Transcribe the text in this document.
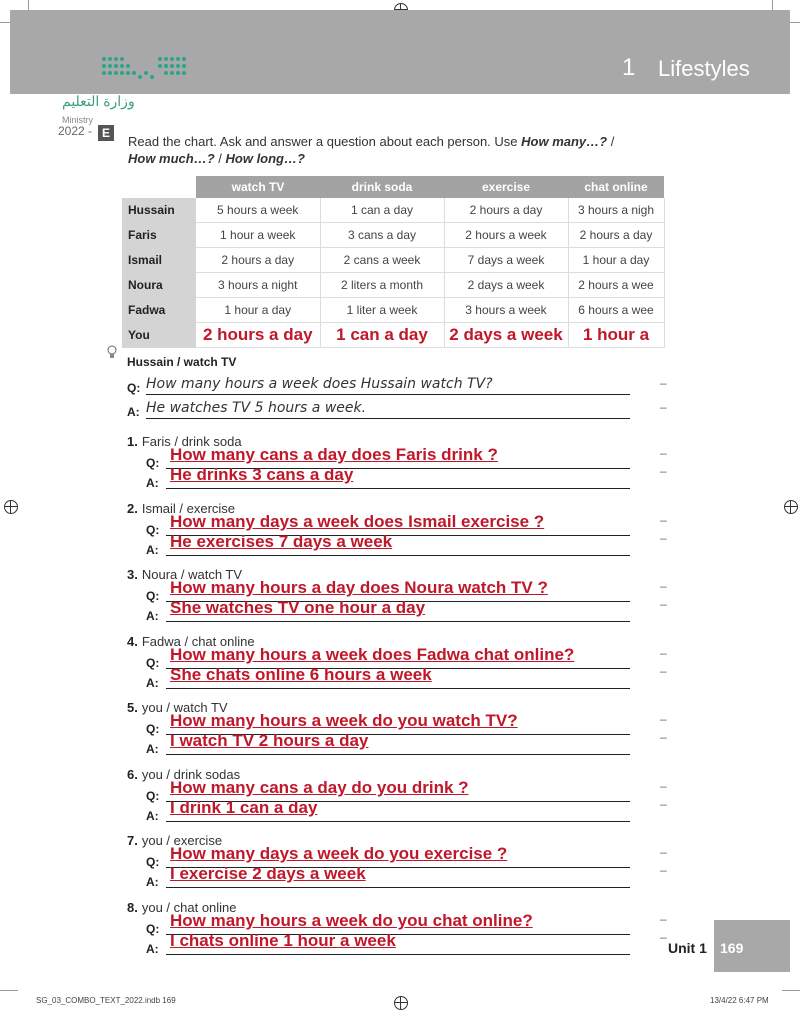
1 Lifestyles
وزارة التعليم
Ministry
2022 - E
Read the chart. Ask and answer a question about each person. Use How many…? / How much…? / How long…?
	watch TV	drink soda	exercise	chat online
Hussain	5 hours a week	1 can a day	2 hours a day	3 hours a nigh
Faris	1 hour a week	3 cans a day	2 hours a week	2 hours a day
Ismail	2 hours a day	2 cans a week	7 days a week	1 hour a day
Noura	3 hours a night	2 liters a month	2 days a week	2 hours a wee
Fadwa	1 hour a day	1 liter a week	3 hours a week	6 hours a wee
You	2 hours a day	1 can a day	2 days a week	1 hour a
Hussain / watch TV
Q: How many hours a week does Hussain watch TV?
A: He watches TV 5 hours a week.
–
–
1. Faris / drink soda
Q: How many cans a day does Faris drink ?
A: He drinks 3 cans a day
–
–
2. Ismail / exercise
Q: How many days a week does Ismail exercise ?
A: He exercises 7 days a week
–
–
3. Noura / watch TV
Q: How many hours a day does Noura watch TV ?
A: She watches TV one hour a day
–
–
4. Fadwa / chat online
Q: How many hours a week does Fadwa chat online?
A: She chats online 6 hours a week
–
–
5. you / watch TV
Q: How many hours a week do you watch TV?
A: I watch TV 2 hours a day
–
–
6. you / drink sodas
Q: How many cans a day do you drink ?
A: I drink 1 can a day
–
–
7. you / exercise
Q: How many days a week do you exercise ?
A: I exercise 2 days a week
–
–
8. you / chat online
Q: How many hours a week do you chat online?
A: I chats online 1 hour a week
–
–
Unit 1 169
SG_03_COMBO_TEXT_2022.indb 169	13/4/22 6:47 PM
